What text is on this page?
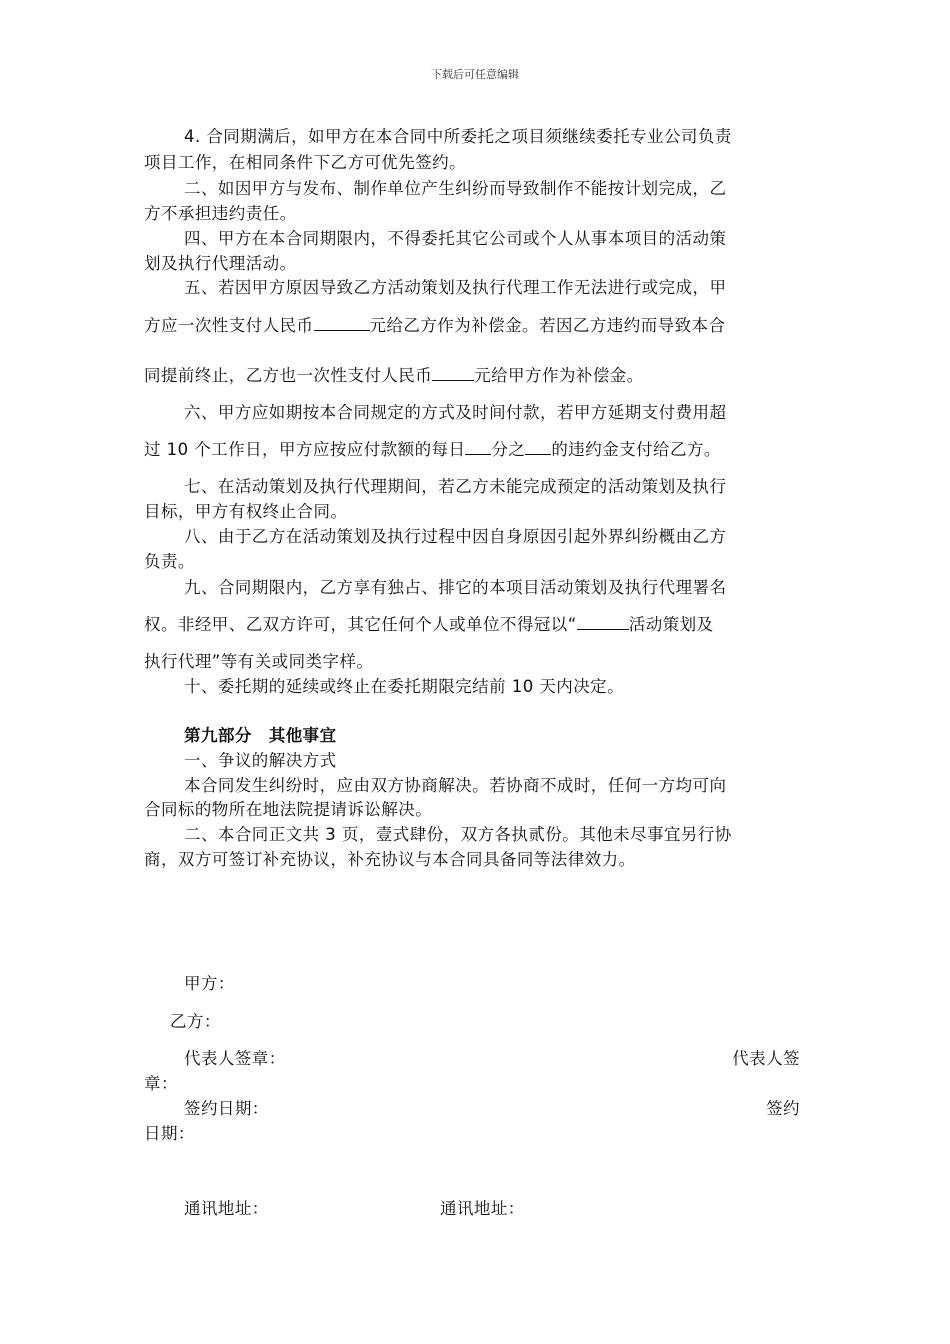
下载后可任意编辑
4. 合同期满后，如甲方在本合同中所委托之项目须继续委托专业公司负责
项目工作，在相同条件下乙方可优先签约。
二、如因甲方与发布、制作单位产生纠纷而导致制作不能按计划完成，乙
方不承担违约责任。
四、甲方在本合同期限内，不得委托其它公司或个人从事本项目的活动策
划及执行代理活动。
五、若因甲方原因导致乙方活动策划及执行代理工作无法进行或完成，甲
方应一次性支付人民币	元给乙方作为补偿金。若因乙方违约而导致本合
同提前终止，乙方也一次性支付人民币	元给甲方作为补偿金。
六、甲方应如期按本合同规定的方式及时间付款，若甲方延期支付费用超
过 10 个工作日，甲方应按应付款额的每日 分之 的违约金支付给乙方。
七、在活动策划及执行代理期间，若乙方未能完成预定的活动策划及执行
目标，甲方有权终止合同。
八、由于乙方在活动策划及执行过程中因自身原因引起外界纠纷概由乙方
负责。
九、合同期限内，乙方享有独占、排它的本项目活动策划及执行代理署名
权。非经甲、乙双方许可，其它任何个人或单位不得冠以“	活动策划及
执行代理”等有关或同类字样。
十、委托期的延续或终止在委托期限完结前 10 天内决定。
第九部分　其他事宜
一、争议的解决方式
本合同发生纠纷时，应由双方协商解决。若协商不成时，任何一方均可向
合同标的物所在地法院提请诉讼解决。
二、本合同正文共 3 页，壹式肆份，双方各执贰份。其他未尽事宜另行协
商，双方可签订补充协议，补充协议与本合同具备同等法律效力。
甲方：
乙方：
代表人签章：	代表人签
章：
签约日期：	签约
日期：
通讯地址：	通讯地址：
